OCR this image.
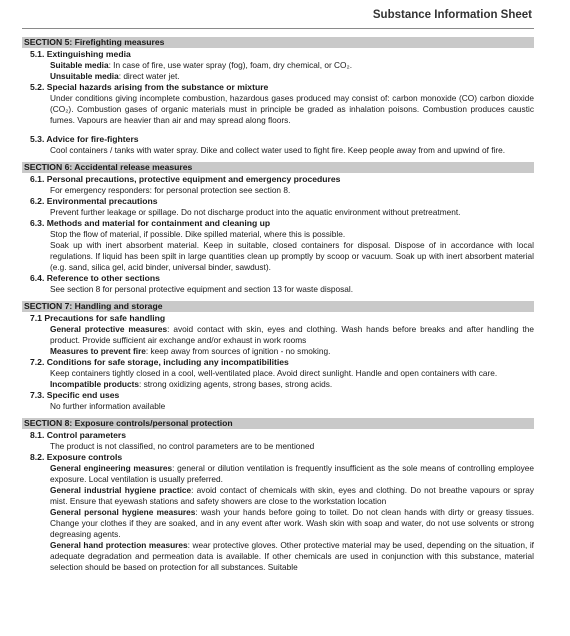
Substance Information Sheet
SECTION 5: Firefighting measures
5.1. Extinguishing media
Suitable media: In case of fire, use water spray (fog), foam, dry chemical, or CO₂.
Unsuitable media: direct water jet.
5.2. Special hazards arising from the substance or mixture
Under conditions giving incomplete combustion, hazardous gases produced may consist of: carbon monoxide (CO) carbon dioxide (CO₂). Combustion gases of organic materials must in principle be graded as inhalation poisons. Combustion produces caustic fumes. Vapours are heavier than air and may spread along floors.
5.3. Advice for fire-fighters
Cool containers / tanks with water spray. Dike and collect water used to fight fire. Keep people away from and upwind of fire.
SECTION 6: Accidental release measures
6.1. Personal precautions, protective equipment and emergency procedures
For emergency responders: for personal protection see section 8.
6.2. Environmental precautions
Prevent further leakage or spillage. Do not discharge product into the aquatic environment without pretreatment.
6.3. Methods and material for containment and cleaning up
Stop the flow of material, if possible. Dike spilled material, where this is possible.
Soak up with inert absorbent material. Keep in suitable, closed containers for disposal. Dispose of in accordance with local regulations. If liquid has been spilt in large quantities clean up promptly by scoop or vacuum. Soak up with inert absorbent material (e.g. sand, silica gel, acid binder, universal binder, sawdust).
6.4. Reference to other sections
See section 8 for personal protective equipment and section 13 for waste disposal.
SECTION 7: Handling and storage
7.1 Precautions for safe handling
General protective measures: avoid contact with skin, eyes and clothing. Wash hands before breaks and after handling the product. Provide sufficient air exchange and/or exhaust in work rooms
Measures to prevent fire: keep away from sources of ignition - no smoking.
7.2. Conditions for safe storage, including any incompatibilities
Keep containers tightly closed in a cool, well-ventilated place. Avoid direct sunlight. Handle and open containers with care.
Incompatible products: strong oxidizing agents, strong bases, strong acids.
7.3. Specific end uses
No further information available
SECTION 8: Exposure controls/personal protection
8.1. Control parameters
The product is not classified, no control parameters are to be mentioned
8.2. Exposure controls
General engineering measures: general or dilution ventilation is frequently insufficient as the sole means of controlling employee exposure. Local ventilation is usually preferred.
General industrial hygiene practice: avoid contact of chemicals with skin, eyes and clothing. Do not breathe vapours or spray mist. Ensure that eyewash stations and safety showers are close to the workstation location
General personal hygiene measures: wash your hands before going to toilet. Do not clean hands with dirty or greasy tissues. Change your clothes if they are soaked, and in any event after work. Wash skin with soap and water, do not use solvents or strong degreasing agents.
General hand protection measures: wear protective gloves. Other protective material may be used, depending on the situation, if adequate degradation and permeation data is available. If other chemicals are used in conjunction with this substance, material selection should be based on protection for all substances. Suitable
